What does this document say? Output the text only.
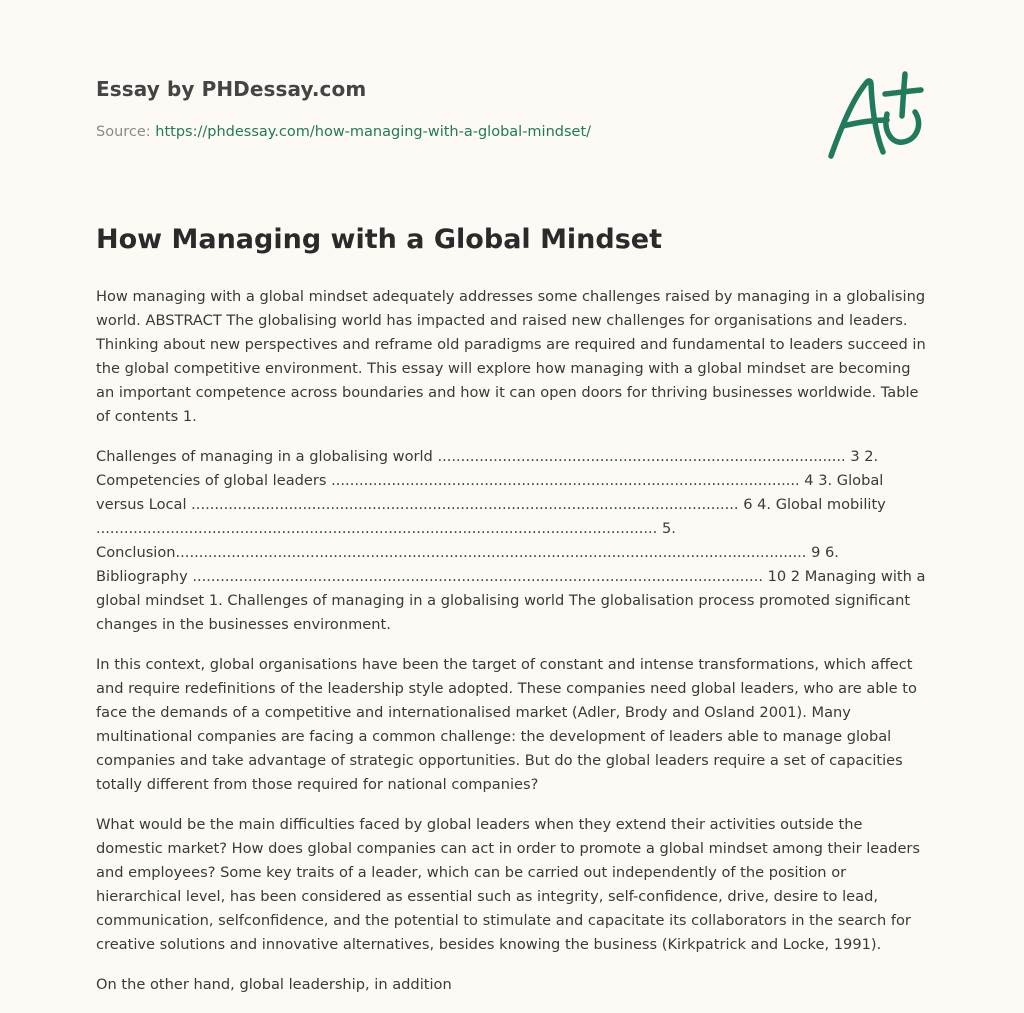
Essay by PHDessay.com
Source: https://phdessay.com/how-managing-with-a-global-mindset/
How Managing with a Global Mindset

How managing with a global mindset adequately addresses some challenges raised by managing in a globalising world. ABSTRACT The globalising world has impacted and raised new challenges for organisations and leaders. Thinking about new perspectives and reframe old paradigms are required and fundamental to leaders succeed in the global competitive environment. This essay will explore how managing with a global mindset are becoming an important competence across boundaries and how it can open doors for thriving businesses worldwide. Table of contents 1.

Challenges of managing in a globalising world ........................................................................................ 3 2. Competencies of global leaders ..................................................................................................... 4 3. Global versus Local ...................................................................................................................... 6 4. Global mobility ......................................................................................................................... 5. Conclusion........................................................................................................................................ 9 6. Bibliography ........................................................................................................................... 10 2 Managing with a global mindset 1. Challenges of managing in a globalising world The globalisation process promoted significant changes in the businesses environment.

In this context, global organisations have been the target of constant and intense transformations, which affect and require redefinitions of the leadership style adopted. These companies need global leaders, who are able to face the demands of a competitive and internationalised market (Adler, Brody and Osland 2001). Many multinational companies are facing a common challenge: the development of leaders able to manage global companies and take advantage of strategic opportunities. But do the global leaders require a set of capacities totally different from those required for national companies?

What would be the main difficulties faced by global leaders when they extend their activities outside the domestic market? How does global companies can act in order to promote a global mindset among their leaders and employees? Some key traits of a leader, which can be carried out independently of the position or hierarchical level, has been considered as essential such as integrity, self-confidence, drive, desire to lead, communication, selfconfidence, and the potential to stimulate and capacitate its collaborators in the search for creative solutions and innovative alternatives, besides knowing the business (Kirkpatrick and Locke, 1991).

On the other hand, global leadership, in addition
